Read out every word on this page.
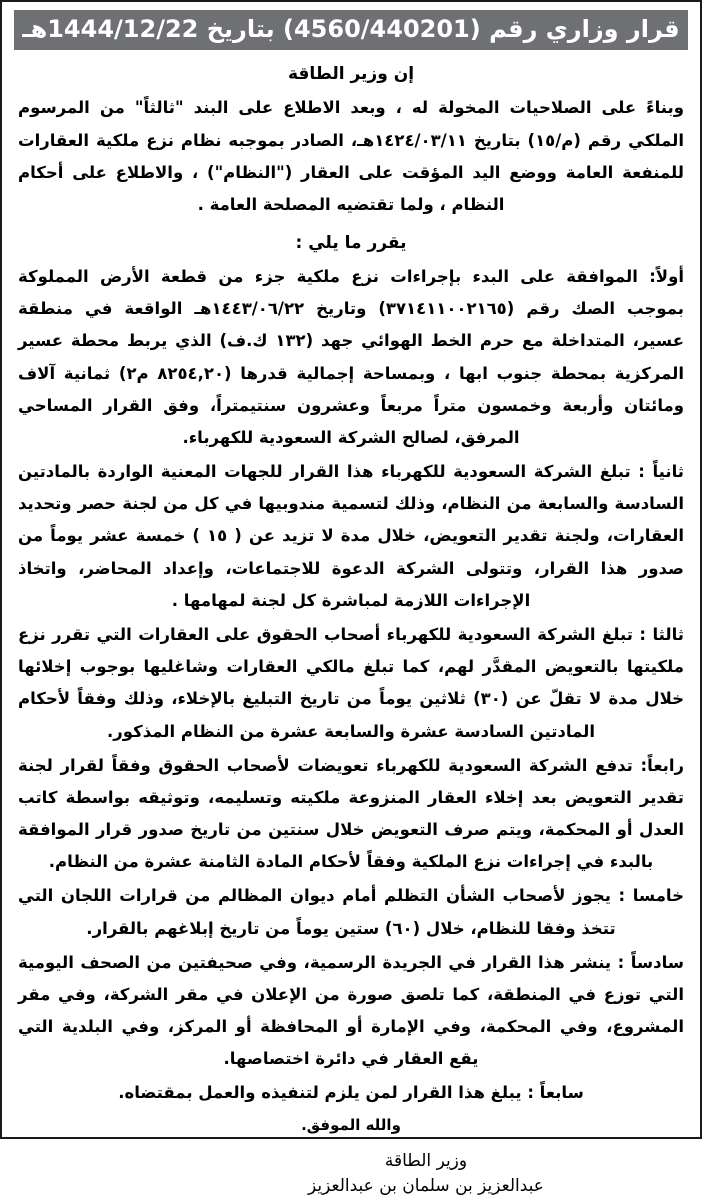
قرار وزاري رقم (4560/440201) بتاريخ 1444/12/22هـ
إن وزير الطاقة

وبناءً على الصلاحيات المخولة له ، وبعد الاطلاع على البند "ثالثاً" من المرسوم الملكي رقم (م/١٥) بتاريخ ١٤٢٤/٠٣/١١هـ، الصادر بموجبه نظام نزع ملكية العقارات للمنفعة العامة ووضع اليد المؤقت على العقار ("النظام") ، والاطلاع على أحكام النظام ، ولما تقتضيه المصلحة العامة .

يقرر ما يلي :

أولاً: الموافقة على البدء بإجراءات نزع ملكية جزء من قطعة الأرض المملوكة بموجب الصك رقم (٣٧١٤١١٠٠٢١٦٥) وتاريخ ١٤٤٣/٠٦/٢٢هـ الواقعة في منطقة عسير، المتداخلة مع حرم الخط الهوائي جهد (١٣٢ ك.ف) الذي يربط محطة عسير المركزية بمحطة جنوب ابها ، وبمساحة إجمالية قدرها (٨٢٥٤,٢٠ م٢) ثمانية آلاف ومائتان وأربعة وخمسون متراً مربعاً وعشرون سنتيمتراً، وفق القرار المساحي المرفق، لصالح الشركة السعودية للكهرباء.

ثانياً : تبلغ الشركة السعودية للكهرباء هذا القرار للجهات المعنية الواردة بالمادتين السادسة والسابعة من النظام، وذلك لتسمية مندوبيها في كل من لجنة حصر وتحديد العقارات، ولجنة تقدير التعويض، خلال مدة لا تزيد عن ( ١٥ ) خمسة عشر يوماً من صدور هذا القرار، وتتولى الشركة الدعوة للاجتماعات، وإعداد المحاضر، واتخاذ الإجراءات اللازمة لمباشرة كل لجنة لمهامها .

ثالثا : تبلغ الشركة السعودية للكهرباء أصحاب الحقوق على العقارات التي تقرر نزع ملكيتها بالتعويض المقدَّر لهم، كما تبلغ مالكي العقارات وشاغليها بوجوب إخلائها خلال مدة لا تقلّ عن (٣٠) ثلاثين يوماً من تاريخ التبليغ بالإخلاء، وذلك وفقاً لأحكام المادتين السادسة عشرة والسابعة عشرة من النظام المذكور.

رابعاً: تدفع الشركة السعودية للكهرباء تعويضات لأصحاب الحقوق وفقاً لقرار لجنة تقدير التعويض بعد إخلاء العقار المنزوعة ملكيته وتسليمه، وتوثيقه بواسطة كاتب العدل أو المحكمة، ويتم صرف التعويض خلال سنتين من تاريخ صدور قرار الموافقة بالبدء في إجراءات نزع الملكية وفقاً لأحكام المادة الثامنة عشرة من النظام.

خامسا : يجوز لأصحاب الشأن التظلم أمام ديوان المظالم من قرارات اللجان التي تتخذ وفقا للنظام، خلال (٦٠) ستين يوماً من تاريخ إبلاغهم بالقرار.

سادساً : ينشر هذا القرار في الجريدة الرسمية، وفي صحيفتين من الصحف اليومية التي توزع في المنطقة، كما تلصق صورة من الإعلان في مقر الشركة، وفي مقر المشروع، وفي المحكمة، وفي الإمارة أو المحافظة أو المركز، وفي البلدية التي يقع العقار في دائرة اختصاصها.

سابعاً : يبلغ هذا القرار لمن يلزم لتنفيذه والعمل بمقتضاه.

والله الموفق.
وزير الطاقة
عبدالعزيز بن سلمان بن عبدالعزيز
